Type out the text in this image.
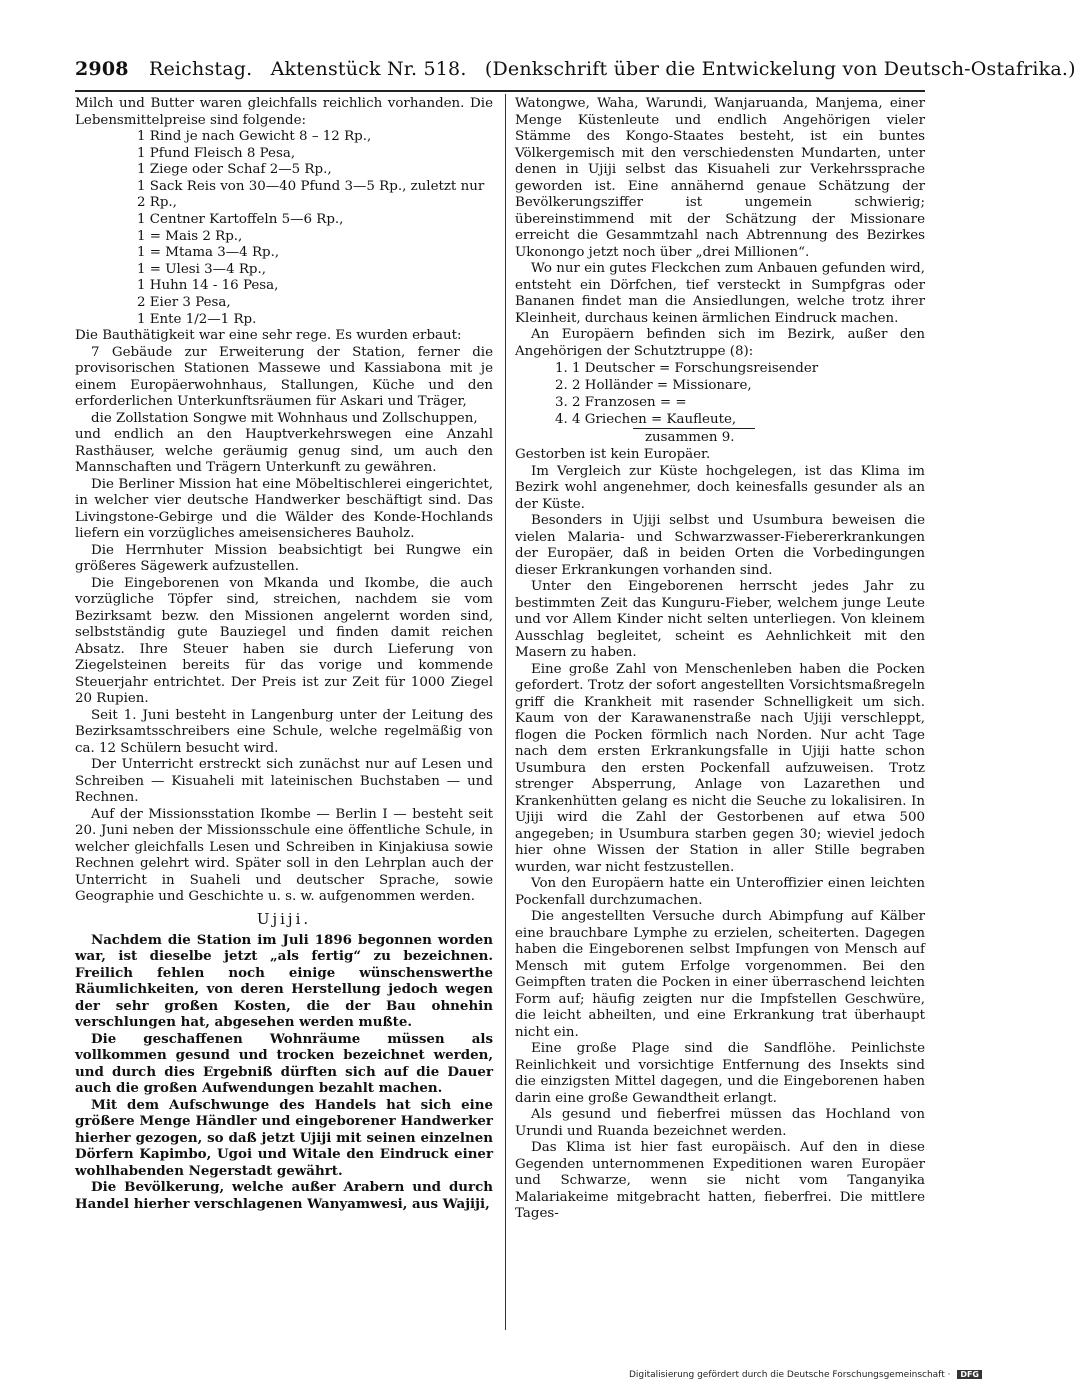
2908 Reichstag. Aktenstück Nr. 518. (Denkschrift über die Entwickelung von Deutsch-Ostafrika.)

Milch und Butter waren gleichfalls reichlich vorhanden. Die Lebensmittelpreise sind folgende:

1 Rind je nach Gewicht 8 – 12 Rp.,
1 Pfund Fleisch 8 Pesa,
1 Ziege oder Schaf 2—5 Rp.,
1 Sack Reis von 30—40 Pfund 3—5 Rp., zuletzt nur 2 Rp.,
1 Centner Kartoffeln 5—6 Rp.,
1 = Mais 2 Rp.,
1 = Mtama 3—4 Rp.,
1 = Ulesi 3—4 Rp.,
1 Huhn 14 - 16 Pesa,
2 Eier 3 Pesa,
1 Ente 1/2—1 Rp.

Die Bauthätigkeit war eine sehr rege. Es wurden erbaut:

7 Gebäude zur Erweiterung der Station, ferner die provisorischen Stationen Massewe und Kassiabona mit je einem Europäerwohnhaus, Stallungen, Küche und den erforderlichen Unterkunftsräumen für Askari und Träger,

die Zollstation Songwe mit Wohnhaus und Zollschuppen,

und endlich an den Hauptverkehrswegen eine Anzahl Rasthäuser, welche geräumig genug sind, um auch den Mannschaften und Trägern Unterkunft zu gewähren.

Die Berliner Mission hat eine Möbeltischlerei eingerichtet, in welcher vier deutsche Handwerker beschäftigt sind. Das Livingstone-Gebirge und die Wälder des Konde-Hochlands liefern ein vorzügliches ameisensicheres Bauholz.

Die Herrnhuter Mission beabsichtigt bei Rungwe ein größeres Sägewerk aufzustellen.

Die Eingeborenen von Mkanda und Ikombe, die auch vorzügliche Töpfer sind, streichen, nachdem sie vom Bezirksamt bezw. den Missionen angelernt worden sind, selbstständig gute Bauziegel und finden damit reichen Absatz. Ihre Steuer haben sie durch Lieferung von Ziegelsteinen bereits für das vorige und kommende Steuerjahr entrichtet. Der Preis ist zur Zeit für 1000 Ziegel 20 Rupien.

Seit 1. Juni besteht in Langenburg unter der Leitung des Bezirksamtsschreibers eine Schule, welche regelmäßig von ca. 12 Schülern besucht wird.

Der Unterricht erstreckt sich zunächst nur auf Lesen und Schreiben — Kisuaheli mit lateinischen Buchstaben — und Rechnen.

Auf der Missionsstation Ikombe — Berlin I — besteht seit 20. Juni neben der Missionsschule eine öffentliche Schule, in welcher gleichfalls Lesen und Schreiben in Kinjakiusa sowie Rechnen gelehrt wird. Später soll in den Lehrplan auch der Unterricht in Suaheli und deutscher Sprache, sowie Geographie und Geschichte u. s. w. aufgenommen werden.

Ujiji.

Nachdem die Station im Juli 1896 begonnen worden war, ist dieselbe jetzt „als fertig“ zu bezeichnen. Freilich fehlen noch einige wünschenswerthe Räumlichkeiten, von deren Herstellung jedoch wegen der sehr großen Kosten, die der Bau ohnehin verschlungen hat, abgesehen werden mußte.

Die geschaffenen Wohnräume müssen als vollkommen gesund und trocken bezeichnet werden, und durch dies Ergebniß dürften sich auf die Dauer auch die großen Aufwendungen bezahlt machen.

Mit dem Aufschwunge des Handels hat sich eine größere Menge Händler und eingeborener Handwerker hierher gezogen, so daß jetzt Ujiji mit seinen einzelnen Dörfern Kapimbo, Ugoi und Witale den Eindruck einer wohlhabenden Negerstadt gewährt.

Die Bevölkerung, welche außer Arabern und durch Handel hierher verschlagenen Wanyamwesi, aus Wajiji,

Watongwe, Waha, Warundi, Wanjaruanda, Manjema, einer Menge Küstenleute und endlich Angehörigen vieler Stämme des Kongo-Staates besteht, ist ein buntes Völkergemisch mit den verschiedensten Mundarten, unter denen in Ujiji selbst das Kisuaheli zur Verkehrssprache geworden ist. Eine annähernd genaue Schätzung der Bevölkerungsziffer ist ungemein schwierig; übereinstimmend mit der Schätzung der Missionare erreicht die Gesammtzahl nach Abtrennung des Bezirkes Ukonongo jetzt noch über „drei Millionen“.

Wo nur ein gutes Fleckchen zum Anbauen gefunden wird, entsteht ein Dörfchen, tief versteckt in Sumpfgras oder Bananen findet man die Ansiedlungen, welche trotz ihrer Kleinheit, durchaus keinen ärmlichen Eindruck machen.

An Europäern befinden sich im Bezirk, außer den Angehörigen der Schutztruppe (8):

1. 1 Deutscher = Forschungsreisender
2. 2 Holländer = Missionare,
3. 2 Franzosen = =
4. 4 Griechen = Kaufleute,
zusammen 9.

Gestorben ist kein Europäer.

Im Vergleich zur Küste hochgelegen, ist das Klima im Bezirk wohl angenehmer, doch keinesfalls gesunder als an der Küste.

Besonders in Ujiji selbst und Usumbura beweisen die vielen Malaria- und Schwarzwasser-Fiebererkrankungen der Europäer, daß in beiden Orten die Vorbedingungen dieser Erkrankungen vorhanden sind.

Unter den Eingeborenen herrscht jedes Jahr zu bestimmten Zeit das Kunguru-Fieber, welchem junge Leute und vor Allem Kinder nicht selten unterliegen. Von kleinem Ausschlag begleitet, scheint es Aehnlichkeit mit den Masern zu haben.

Eine große Zahl von Menschenleben haben die Pocken gefordert. Trotz der sofort angestellten Vorsichtsmaßregeln griff die Krankheit mit rasender Schnelligkeit um sich. Kaum von der Karawanenstraße nach Ujiji verschleppt, flogen die Pocken förmlich nach Norden. Nur acht Tage nach dem ersten Erkrankungsfalle in Ujiji hatte schon Usumbura den ersten Pockenfall aufzuweisen. Trotz strenger Absperrung, Anlage von Lazarethen und Krankenhütten gelang es nicht die Seuche zu lokalisiren. In Ujiji wird die Zahl der Gestorbenen auf etwa 500 angegeben; in Usumbura starben gegen 30; wieviel jedoch hier ohne Wissen der Station in aller Stille begraben wurden, war nicht festzustellen.

Von den Europäern hatte ein Unteroffizier einen leichten Pockenfall durchzumachen.

Die angestellten Versuche durch Abimpfung auf Kälber eine brauchbare Lymphe zu erzielen, scheiterten. Dagegen haben die Eingeborenen selbst Impfungen von Mensch auf Mensch mit gutem Erfolge vorgenommen. Bei den Geimpften traten die Pocken in einer überraschend leichten Form auf; häufig zeigten nur die Impfstellen Geschwüre, die leicht abheilten, und eine Erkrankung trat überhaupt nicht ein.

Eine große Plage sind die Sandflöhe. Peinlichste Reinlichkeit und vorsichtige Entfernung des Insekts sind die einzigsten Mittel dagegen, und die Eingeborenen haben darin eine große Gewandtheit erlangt.

Als gesund und fieberfrei müssen das Hochland von Urundi und Ruanda bezeichnet werden.

Das Klima ist hier fast europäisch. Auf den in diese Gegenden unternommenen Expeditionen waren Europäer und Schwarze, wenn sie nicht vom Tanganyika Malariakeime mitgebracht hatten, fieberfrei. Die mittlere Tages-

Digitalisierung gefördert durch die Deutsche Forschungsgemeinschaft · DFG
